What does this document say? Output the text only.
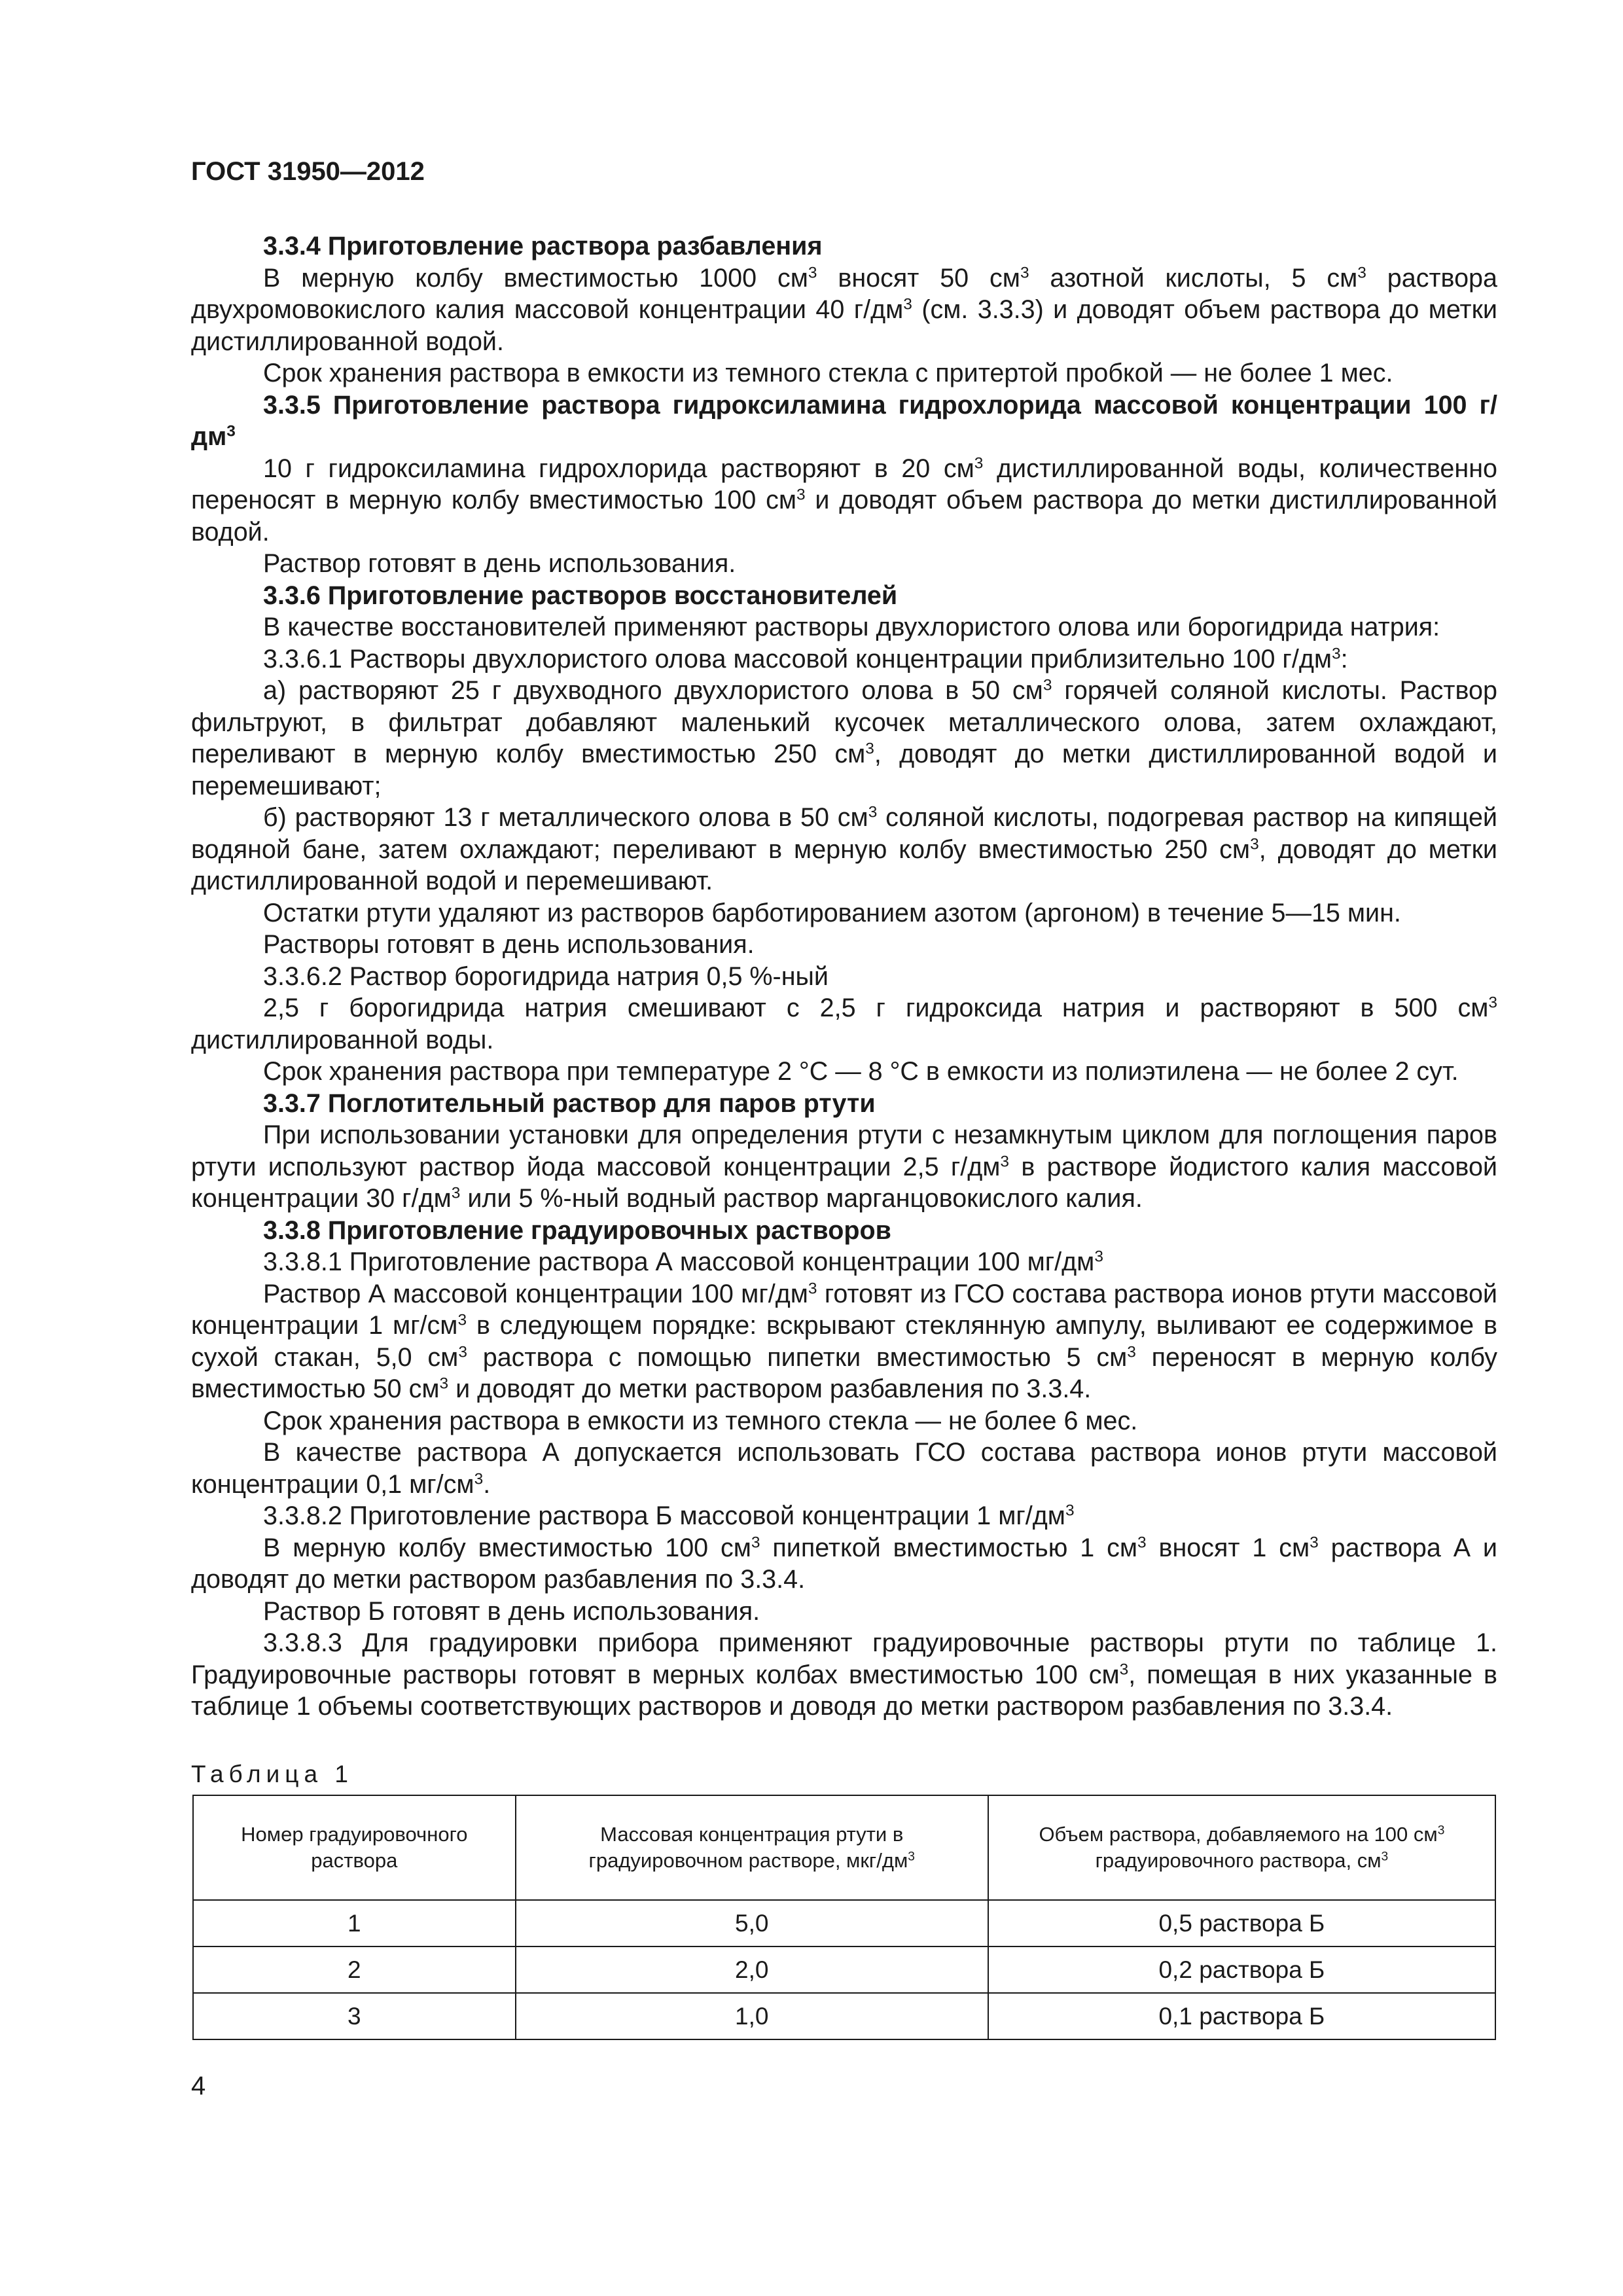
ГОСТ 31950—2012

3.3.4 Приготовление раствора разбавления

В мерную колбу вместимостью 1000 $см^3$ вносят 50 $см^3$ азотной кислоты, 5 $см^3$ раствора двухромовокислого калия массовой концентрации 40 $г/дм^3$ (см. 3.3.3) и доводят объем раствора до метки дистиллированной водой.

Срок хранения раствора в емкости из темного стекла с притертой пробкой — не более 1 мес.

3.3.5 Приготовление раствора гидроксиламина гидрохлорида массовой концентрации 100 $г/дм^3$

10 г гидроксиламина гидрохлорида растворяют в 20 $см^3$ дистиллированной воды, количественно переносят в мерную колбу вместимостью 100 $см^3$ и доводят объем раствора до метки дистиллированной водой.

Раствор готовят в день использования.

3.3.6 Приготовление растворов восстановителей

В качестве восстановителей применяют растворы двухлористого олова или борогидрида натрия:

3.3.6.1 Растворы двухлористого олова массовой концентрации приблизительно 100 $г/дм^3$:

а) растворяют 25 г двухводного двухлористого олова в 50 $см^3$ горячей соляной кислоты. Раствор фильтруют, в фильтрат добавляют маленький кусочек металлического олова, затем охлаждают, переливают в мерную колбу вместимостью 250 $см^3$, доводят до метки дистиллированной водой и перемешивают;

б) растворяют 13 г металлического олова в 50 $см^3$ соляной кислоты, подогревая раствор на кипящей водяной бане, затем охлаждают; переливают в мерную колбу вместимостью 250 $см^3$, доводят до метки дистиллированной водой и перемешивают.

Остатки ртути удаляют из растворов барботированием азотом (аргоном) в течение 5—15 мин.

Растворы готовят в день использования.

3.3.6.2 Раствор борогидрида натрия 0,5 %-ный

2,5 г борогидрида натрия смешивают с 2,5 г гидроксида натрия и растворяют в 500 $см^3$ дистиллированной воды.

Срок хранения раствора при температуре 2 °С — 8 °С в емкости из полиэтилена — не более 2 сут.

3.3.7 Поглотительный раствор для паров ртути

При использовании установки для определения ртути с незамкнутым циклом для поглощения паров ртути используют раствор йода массовой концентрации 2,5 $г/дм^3$ в растворе йодистого калия массовой концентрации 30 $г/дм^3$ или 5 %-ный водный раствор марганцовокислого калия.

3.3.8 Приготовление градуировочных растворов

3.3.8.1 Приготовление раствора А массовой концентрации 100 $мг/дм^3$

Раствор А массовой концентрации 100 $мг/дм^3$ готовят из ГСО состава раствора ионов ртути массовой концентрации 1 $мг/см^3$ в следующем порядке: вскрывают стеклянную ампулу, выливают ее содержимое в сухой стакан, 5,0 $см^3$ раствора с помощью пипетки вместимостью 5 $см^3$ переносят в мерную колбу вместимостью 50 $см^3$ и доводят до метки раствором разбавления по 3.3.4.

Срок хранения раствора в емкости из темного стекла — не более 6 мес.

В качестве раствора А допускается использовать ГСО состава раствора ионов ртути массовой концентрации 0,1 $мг/см^3$.

3.3.8.2 Приготовление раствора Б массовой концентрации 1 $мг/дм^3$

В мерную колбу вместимостью 100 $см^3$ пипеткой вместимостью 1 $см^3$ вносят 1 $см^3$ раствора А и доводят до метки раствором разбавления по 3.3.4.

Раствор Б готовят в день использования.

3.3.8.3 Для градуировки прибора применяют градуировочные растворы ртути по таблице 1. Градуировочные растворы готовят в мерных колбах вместимостью 100 $см^3$, помещая в них указанные в таблице 1 объемы соответствующих растворов и доводя до метки раствором разбавления по 3.3.4.

Таблица 1
Номер градуировочного раствора	Массовая концентрация ртути в градуировочном растворе, мкг/$дм^3$	Объем раствора, добавляемого на 100 $см^3$ градуировочного раствора, $см^3$
1	5,0	0,5 раствора Б
2	2,0	0,2 раствора Б
3	1,0	0,1 раствора Б
4
